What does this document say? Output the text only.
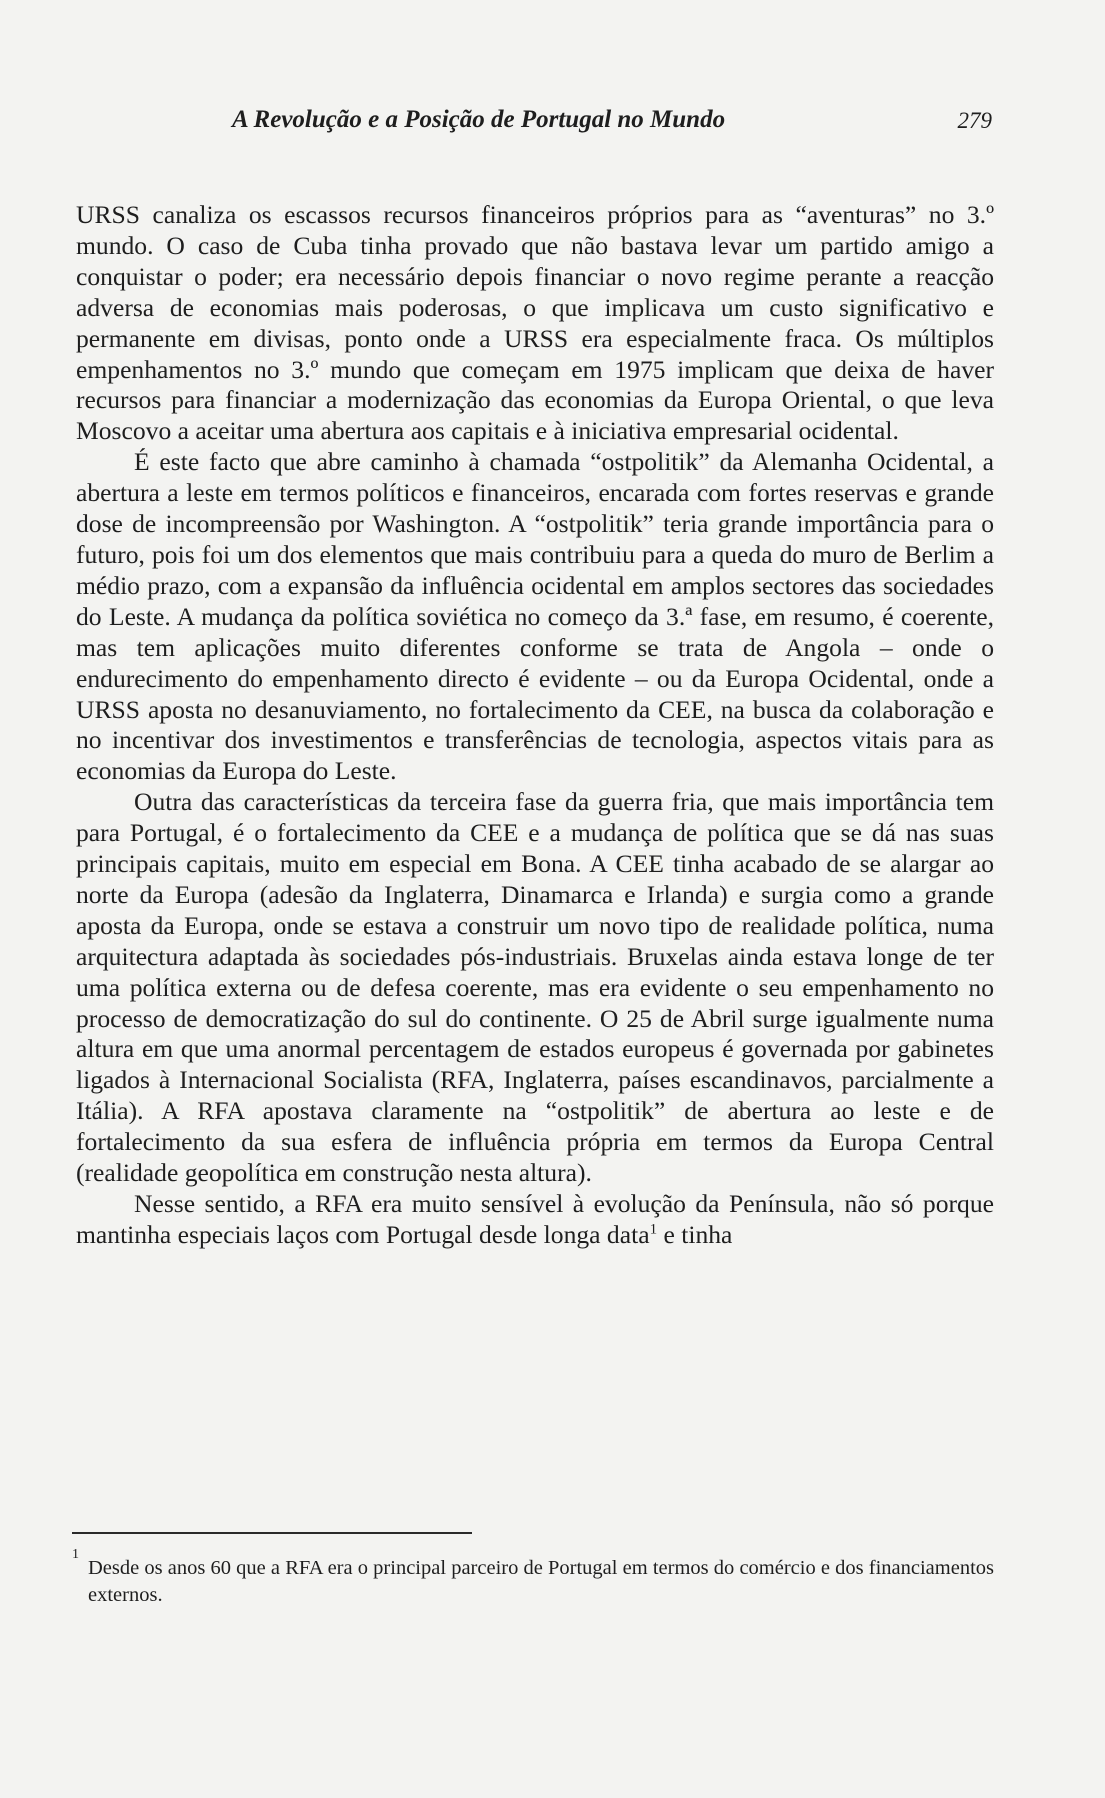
A Revolução e a Posição de Portugal no Mundo	279

URSS canaliza os escassos recursos financeiros próprios para as “aventuras” no 3.º mundo. O caso de Cuba tinha provado que não bastava levar um partido amigo a conquistar o poder; era necessário depois financiar o novo regime perante a reacção adversa de economias mais poderosas, o que implicava um custo significativo e permanente em divisas, ponto onde a URSS era especialmente fraca. Os múltiplos empenhamentos no 3.º mundo que começam em 1975 implicam que deixa de haver recursos para financiar a modernização das economias da Europa Oriental, o que leva Moscovo a aceitar uma abertura aos capitais e à iniciativa empresarial ocidental.

É este facto que abre caminho à chamada “ostpolitik” da Alemanha Ocidental, a abertura a leste em termos políticos e financeiros, encarada com fortes reservas e grande dose de incompreensão por Washington. A “ostpolitik” teria grande importância para o futuro, pois foi um dos elementos que mais contribuiu para a queda do muro de Berlim a médio prazo, com a expansão da influência ocidental em amplos sectores das sociedades do Leste. A mudança da política soviética no começo da 3.ª fase, em resumo, é coerente, mas tem aplicações muito diferentes conforme se trata de Angola – onde o endurecimento do empenhamento directo é evidente – ou da Europa Ocidental, onde a URSS aposta no desanuviamento, no fortalecimento da CEE, na busca da colaboração e no incentivar dos investimentos e transferências de tecnologia, aspectos vitais para as economias da Europa do Leste.

Outra das características da terceira fase da guerra fria, que mais importância tem para Portugal, é o fortalecimento da CEE e a mudança de política que se dá nas suas principais capitais, muito em especial em Bona. A CEE tinha acabado de se alargar ao norte da Europa (adesão da Inglaterra, Dinamarca e Irlanda) e surgia como a grande aposta da Europa, onde se estava a construir um novo tipo de realidade política, numa arquitectura adaptada às sociedades pós-industriais. Bruxelas ainda estava longe de ter uma política externa ou de defesa coerente, mas era evidente o seu empenhamento no processo de democratização do sul do continente. O 25 de Abril surge igualmente numa altura em que uma anormal percentagem de estados europeus é governada por gabinetes ligados à Internacional Socialista (RFA, Inglaterra, países escandinavos, parcialmente a Itália). A RFA apostava claramente na “ostpolitik” de abertura ao leste e de fortalecimento da sua esfera de influência própria em termos da Europa Central (realidade geopolítica em construção nesta altura).

Nesse sentido, a RFA era muito sensível à evolução da Península, não só porque mantinha especiais laços com Portugal desde longa data$^1$ e tinha

1
Desde os anos 60 que a RFA era o principal parceiro de Portugal em termos do comércio e dos financiamentos externos.
